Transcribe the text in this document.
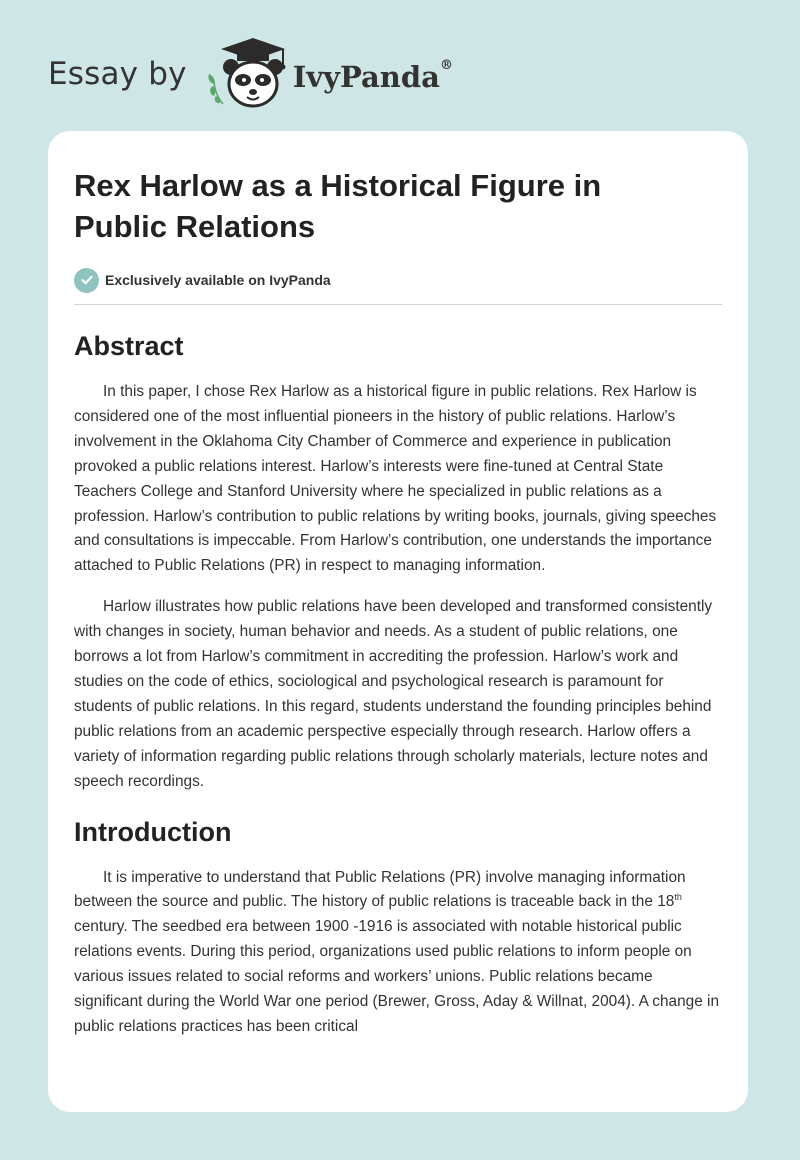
Essay by	IvyPanda®
Rex Harlow as a Historical Figure in Public Relations
Exclusively available on IvyPanda
Abstract

In this paper, I chose Rex Harlow as a historical figure in public relations. Rex Harlow is considered one of the most influential pioneers in the history of public relations. Harlow’s involvement in the Oklahoma City Chamber of Commerce and experience in publication provoked a public relations interest. Harlow’s interests were fine-tuned at Central State Teachers College and Stanford University where he specialized in public relations as a profession. Harlow’s contribution to public relations by writing books, journals, giving speeches and consultations is impeccable. From Harlow’s contribution, one understands the importance attached to Public Relations (PR) in respect to managing information.

Harlow illustrates how public relations have been developed and transformed consistently with changes in society, human behavior and needs. As a student of public relations, one borrows a lot from Harlow’s commitment in accrediting the profession. Harlow’s work and studies on the code of ethics, sociological and psychological research is paramount for students of public relations. In this regard, students understand the founding principles behind public relations from an academic perspective especially through research. Harlow offers a variety of information regarding public relations through scholarly materials, lecture notes and speech recordings.

Introduction

It is imperative to understand that Public Relations (PR) involve managing information between the source and public. The history of public relations is traceable back in the 18th century. The seedbed era between 1900 -1916 is associated with notable historical public relations events. During this period, organizations used public relations to inform people on various issues related to social reforms and workers’ unions. Public relations became significant during the World War one period (Brewer, Gross, Aday & Willnat, 2004). A change in public relations practices has been critical
